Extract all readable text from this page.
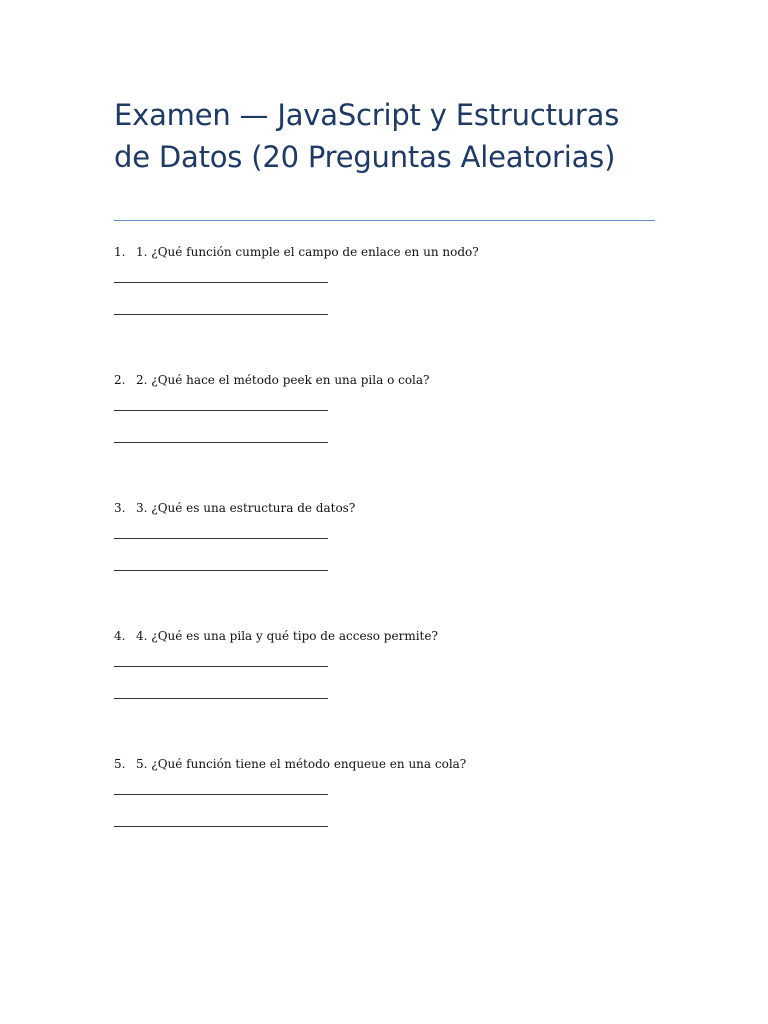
Examen — JavaScript y Estructuras de Datos (20 Preguntas Aleatorias)
1. 1. ¿Qué función cumple el campo de enlace en un nodo?
2. 2. ¿Qué hace el método peek en una pila o cola?
3. 3. ¿Qué es una estructura de datos?
4. 4. ¿Qué es una pila y qué tipo de acceso permite?
5. 5. ¿Qué función tiene el método enqueue en una cola?
